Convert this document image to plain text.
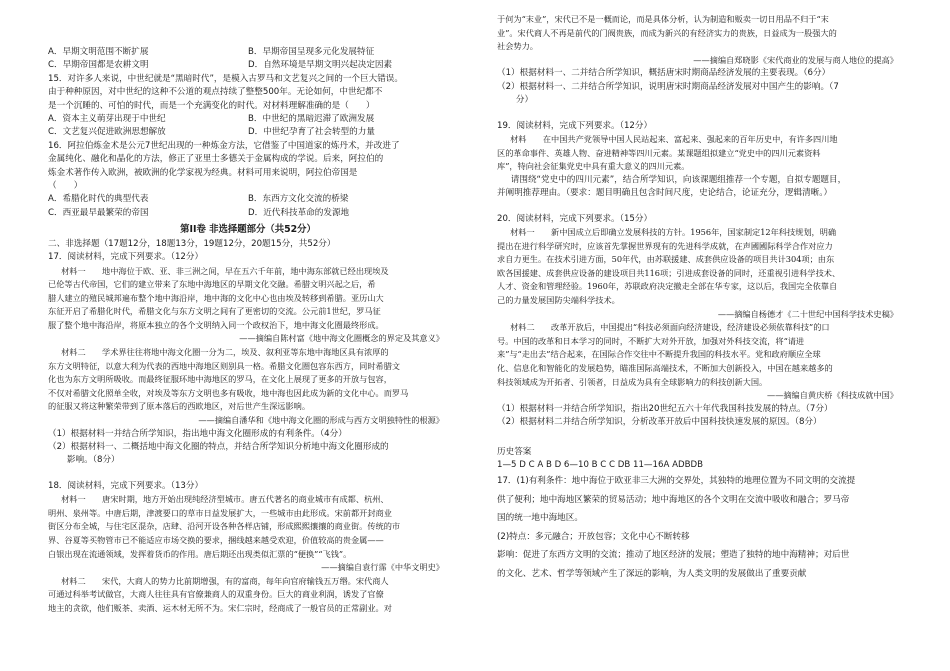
A．早期文明范围不断扩展	B．早期帝国呈现多元化发展特征
C．早期帝国都是农耕文明	D．自然环境是早期文明兴起决定因素
15．对许多人来说，中世纪就是“黑暗时代”，是模入古罗马和文艺复兴之间的一个巨大错误。
由于种种原因，对中世纪的这种不公道的观点持续了整整500年。无论如何，中世纪都不
是一个沉睡的、可怕的时代，而是一个充满变化的时代。对材料理解准确的是（　　）
A．资本主义萌芽出现于中世纪	B．中世纪的黑暗迟滞了欧洲发展
C．文艺复兴促进欧洲思想解放	D．中世纪孕育了社会转型的力量
16．阿拉伯炼金术是公元7世纪出现的一种炼金方法，它借鉴了中国道家的炼丹术，并改进了
金属纯化、融化和晶化的方法，修正了亚里士多德关于金属构成的学说。后来，阿拉伯的
炼金术著作传入欧洲，被欧洲的化学家视为经典。材料可用来说明，阿拉伯帝国是
（　　）
A．希腊化时代的典型代表	B．东西方文化交流的桥梁
C．西亚最早最繁荣的帝国	D．近代科技革命的发源地
第II卷 非选择题部分（共52分）
二、非选择题（17题12分，18题13分，19题12分，20题15分，共52分）
17．阅读材料，完成下列要求。（12分）
材料一　　地中海位于欧、亚、非三洲之间，早在五六千年前，地中海东部就已经出现埃及
已伦等古代帝国，它们的建立带来了东地中海地区的早期文化交融。希腊文明兴起之后，希
腊人建立的殖民城邦遍布整个地中海沿岸，地中海的文化中心也由埃及转移到希腊。亚历山大
东征开启了希腊化时代，希腊文化与东方文明之间有了更密切的交流。公元前1世纪，罗马征
服了整个地中海沿岸，将原本独立的各个文明纳入同一个政权治下，地中海文化圈最终形成。
——摘编自陈村富《地中海文化圈概念的界定及其意义》
材料二　　学术界往往将地中海文化圈一分为二，埃及、叙利亚等东地中海地区具有浓厚的
东方文明特征，以意大利为代表的西地中海地区则别具一格。希腊文化圈包容东西方，同时希腊文
化也为东方文明所吸收。而最终征服环地中海地区的罗马，在文化上展现了更多的开放与包容，
不仅对希腊文化照单全收，对埃及等东方文明也多有吸收，地中海也因此成为新的文化中心。而罗马
的征服又将这种繁荣带到了原本落后的西欧地区，对后世产生深远影响。
——摘编自潘华和《地中海文化圈的形成与西方文明独特性的根源》
（1）根据材料一并结合所学知识，指出地中海文化圈形成的有利条件。（4分）
（2）根据材料一、二概括地中海文化圈的特点，并结合所学知识分析地中海文化圈形成的
影响。（8分）
18．阅读材料，完成下列要求。（13分）
材料一　　唐宋时期，地方开始出现纯经济型城市。唐五代著名的商业城市有成都、杭州、
明州、泉州等。中唐后期，津渡要口的草市日益发展扩大，一些城市由此形成。宋前都开封商业
街区分布全城，与住宅区混杂，店肆、沿河开设各种各样店铺，形成熙熙攘攘的商业街。传统的市
界、谷夏等买物管市已不能适应市场交换的要求，捆线越来越受欢迎，价值较高的贵金属——
白银出现在流通领域，发挥着货币的作用。唐后期还出现类似汇票的“便换”“飞钱”。
——摘编自袁行霈《中华文明史》
材料二　　宋代，大商人的势力比前期增强，有的富商，每年向官府输钱五万缗。宋代商人
可通过科举考试做官，大商人往往具有官僚兼商人的双重身份。巨大的商业利润，诱发了官僚
地主的贪欲，他们贩茶、卖酒、运木材无所不为。宋仁宗时，经商成了一般官员的正常副业。对
于何为“末业”，宋代已不是一概而论，而是具体分析，认为制造和贩卖一切日用品不归于“末
业”。宋代商人不再是前代的门阀贵族，而成为新兴的有经济实力的贵族，日益成为一股强大的
社会势力。
——摘编自郑晓影《宋代商业的发展与商人地位的提高》
（1）根据材料一、二并结合所学知识，概括唐宋时期商品经济发展的主要表现。（6分）
（2）根据材料一、二并结合所学知识，说明唐宋时期商品经济发展对中国产生的影响。（7
分）
19．阅读材料，完成下列要求。（12分）
材料　　在中国共产党领导中国人民站起来、富起来、强起来的百年历史中，有许多四川地
区的革命事件、英雄人物、奋进精神等四川元素。某课题组拟建立“党史中的四川元素资料
库”，特向社会征集党史中具有重大意义的四川元素。
请围绕“党史中的四川元素”，结合所学知识，向该课题组推荐一个专题，自拟专题题目，
并阐明推荐理由。（要求：题目明确且包含时间尺度，史论结合，论证充分，逻辑清晰。）
20．阅读材料，完成下列要求。（15分）
材料一　　新中国成立后即确立发展科技的方针。1956年，国家制定12年科技规划，明确
提出在进行科学研究时，应该首先掌握世界现有的先进科学成就，在声國國际科学合作对应力
求自力更生。在技术引进方面，50年代，由苏联援建、成套供应设备的项目共计304项；由东
欧各国援建、成套供应设备的建设项目共116项；引进成套设备的同时，还重视引进科学技术、
人才、资金和管理经验。1960年，苏联政府决定撤走全部在华专家，这以后，我国完全依靠自
己的力量发展国防尖端科学技术。
——摘编自杨德才《二十世纪中国科学技术史稿》
材料二　　改革开放后，中国提出“科技必须面向经济建设，经济建设必须依靠科技”的口
号。中国的改革和日本学习的同时，不断扩大对外开放，加强对外科技交流，将“请进
来”与“走出去”结合起来，在国际合作交往中不断提升我国的科技水平。党和政府顺应全球
化、信息化和智能化的发展趋势，瞄准国际高端技术，不断加大创新投入，中国在越来越多的
科技领域成为开拓者、引领者，日益成为具有全球影响力的科技创新大国。
——摘编自黄庆桥《科技成就中国》
（1）根据材料一并结合所学知识，指出20世纪五六十年代我国科技发展的特点。（7分）
（2）根据材料二并结合所学知识，分析改革开放后中国科技快速发展的原因。（8分）
历史答案
1—5 D C A B D 6—10 B C C DB 11—16A ADBDB
17．(1)有利条件：地中海位于欧亚非三大洲的交界处，其独特的地理位置为不同文明的交流提
供了便利；地中海地区繁荣的贸易活动；地中海地区的各个文明在交流中吸收和融合；罗马帝
国的统一地中海地区。
(2)特点：多元融合；开放包容；文化中心不断转移
影响：促进了东西方文明的交流；推动了地区经济的发展；塑造了独特的地中海精神；对后世
的文化、艺术、哲学等领域产生了深远的影响，为人类文明的发展做出了重要贡献
